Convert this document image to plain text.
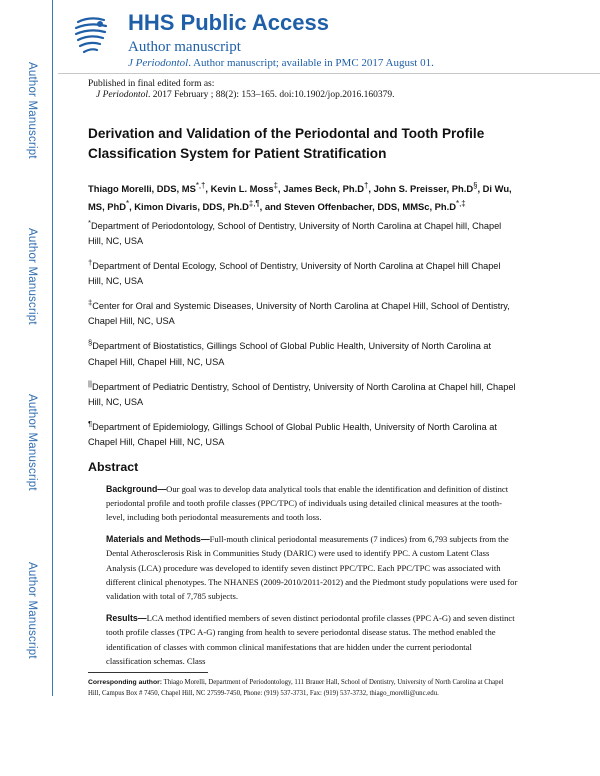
Author Manuscript
Author Manuscript
Author Manuscript
Author Manuscript
HHS Public Access
Author manuscript
J Periodontol. Author manuscript; available in PMC 2017 August 01.
Published in final edited form as:
J Periodontol. 2017 February ; 88(2): 153–165. doi:10.1902/jop.2016.160379.
Derivation and Validation of the Periodontal and Tooth Profile Classification System for Patient Stratification
Thiago Morelli, DDS, MS*,†, Kevin L. Moss‡, James Beck, Ph.D†, John S. Preisser, Ph.D§, Di Wu, MS, PhD*, Kimon Divaris, DDS, Ph.D‡,¶, and Steven Offenbacher, DDS, MMSc, Ph.D*,‡
*Department of Periodontology, School of Dentistry, University of North Carolina at Chapel hill, Chapel Hill, NC, USA
†Department of Dental Ecology, School of Dentistry, University of North Carolina at Chapel hill Chapel Hill, NC, USA
‡Center for Oral and Systemic Diseases, University of North Carolina at Chapel Hill, School of Dentistry, Chapel Hill, NC, USA
§Department of Biostatistics, Gillings School of Global Public Health, University of North Carolina at Chapel Hill, Chapel Hill, NC, USA
||Department of Pediatric Dentistry, School of Dentistry, University of North Carolina at Chapel hill, Chapel Hill, NC, USA
¶Department of Epidemiology, Gillings School of Global Public Health, University of North Carolina at Chapel Hill, Chapel Hill, NC, USA
Abstract
Background—Our goal was to develop data analytical tools that enable the identification and definition of distinct periodontal profile and tooth profile classes (PPC/TPC) of individuals using detailed clinical measures at the tooth-level, including both periodontal measurements and tooth loss.
Materials and Methods—Full-mouth clinical periodontal measurements (7 indices) from 6,793 subjects from the Dental Atherosclerosis Risk in Communities Study (DARIC) were used to identify PPC. A custom Latent Class Analysis (LCA) procedure was developed to identify seven distinct PPC/TPC. Each PPC/TPC was associated with different clinical phenotypes. The NHANES (2009-2010/2011-2012) and the Piedmont study populations were used for validation with total of 7,785 subjects.
Results—LCA method identified members of seven distinct periodontal profile classes (PPC A-G) and seven distinct tooth profile classes (TPC A-G) ranging from health to severe periodontal disease status. The method enabled the identification of classes with common clinical manifestations that are hidden under the current periodontal classification schemas. Class
Corresponding author: Thiago Morelli, Department of Periodontology, 111 Brauer Hall, School of Dentistry, University of North Carolina at Chapel Hill, Campus Box # 7450, Chapel Hill, NC 27599-7450, Phone: (919) 537-3731, Fax: (919) 537-3732, thiago_morelli@unc.edu.
